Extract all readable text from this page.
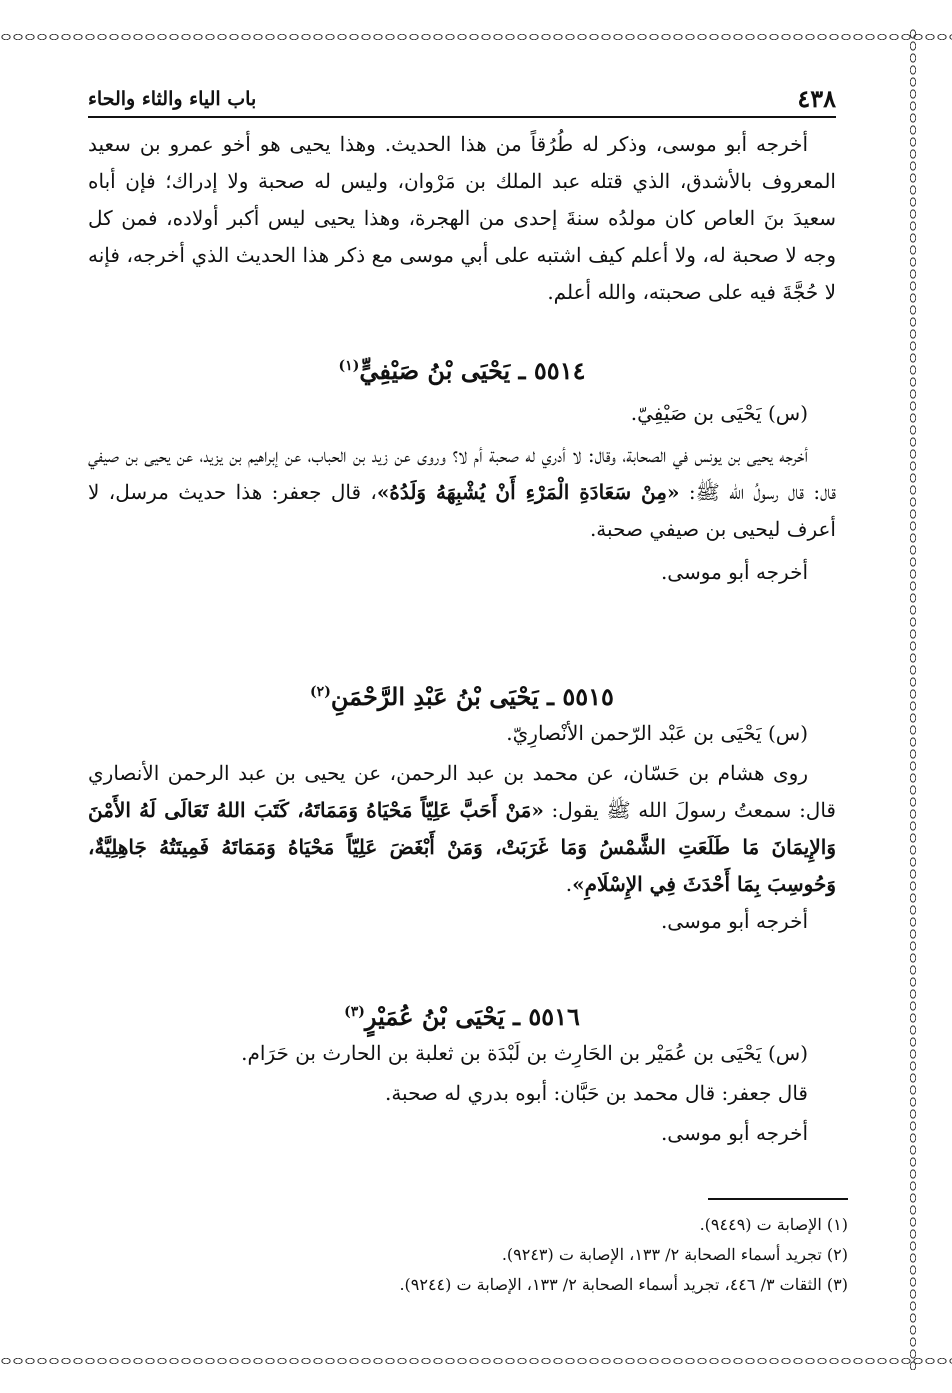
٤٣٨
باب الياء والثاء والحاء

أخرجه أبو موسى، وذكر له طُرُقاً من هذا الحديث. وهذا يحيى هو أخو عمرو بن سعيد المعروف بالأشدق، الذي قتله عبد الملك بن مَرْوان، وليس له صحبة ولا إدراك؛ فإن أباه سعيدَ بنَ العاص كان مولدُه سنةَ إحدى من الهجرة، وهذا يحيى ليس أكبر أولاده، فمن كل وجه لا صحبة له، ولا أعلم كيف اشتبه على أبي موسى مع ذكر هذا الحديث الذي أخرجه، فإنه لا حُجَّةَ فيه على صحبته، والله أعلم.

٥٥١٤ ـ يَحْيَى بْنُ صَيْفِيٍّ$^{(١)}$

(س) يَحْيَى بن صَيْفِيّ.

أخرجه يحيى بن يونس في الصحابة، وقال: لا أدري له صحبة أم لا؟ وروى عن زيد بن الحباب، عن إبراهيم بن يزيد، عن يحيى بن صيفي قال: قال رسولُ الله ﷺ: «مِنْ سَعَادَةِ الْمَرْءِ أَنْ يُشْبِهَهُ وَلَدُهُ»، قال جعفر: هذا حديث مرسل، لا أعرف ليحيى بن صيفي صحبة.

أخرجه أبو موسى.

٥٥١٥ ـ يَحْيَى بْنُ عَبْدِ الرَّحْمَنِ$^{(٢)}$

(س) يَحْيَى بن عَبْد الرّحمن الأنْصارِيّ.

روى هشام بن حَسّان، عن محمد بن عبد الرحمن، عن يحيى بن عبد الرحمن الأنصاري قال: سمعتُ رسولَ الله ﷺ يقول: «مَنْ أَحَبَّ عَلِيّاً مَحْيَاهُ وَمَمَاتَهُ، كَتَبَ اللهُ تَعَالَى لَهُ الأَمْنَ وَالإِيمَانَ مَا طَلَعَتِ الشَّمْسُ وَمَا غَرَبَتْ، وَمَنْ أَبْغَضَ عَلِيّاً مَحْيَاهُ وَمَمَاتَهُ فَمِيتَتُهُ جَاهِلِيَّةٌ، وَحُوسِبَ بِمَا أَحْدَثَ فِي الإِسْلَامِ».

أخرجه أبو موسى.

٥٥١٦ ـ يَحْيَى بْنُ عُمَيْرٍ$^{(٣)}$

(س) يَحْيَى بن عُمَيْر بن الحَارِث بن لَبْدَة بن ثعلبة بن الحارث بن حَرَام.
قال جعفر: قال محمد بن حَبَّان: أبوه بدري له صحبة.
أخرجه أبو موسى.

(١) الإصابة ت (٩٤٤٩).

(٢) تجريد أسماء الصحابة ٢/ ١٣٣، الإصابة ت (٩٢٤٣).

(٣) الثقات ٣/ ٤٤٦، تجريد أسماء الصحابة ٢/ ١٣٣، الإصابة ت (٩٢٤٤).
